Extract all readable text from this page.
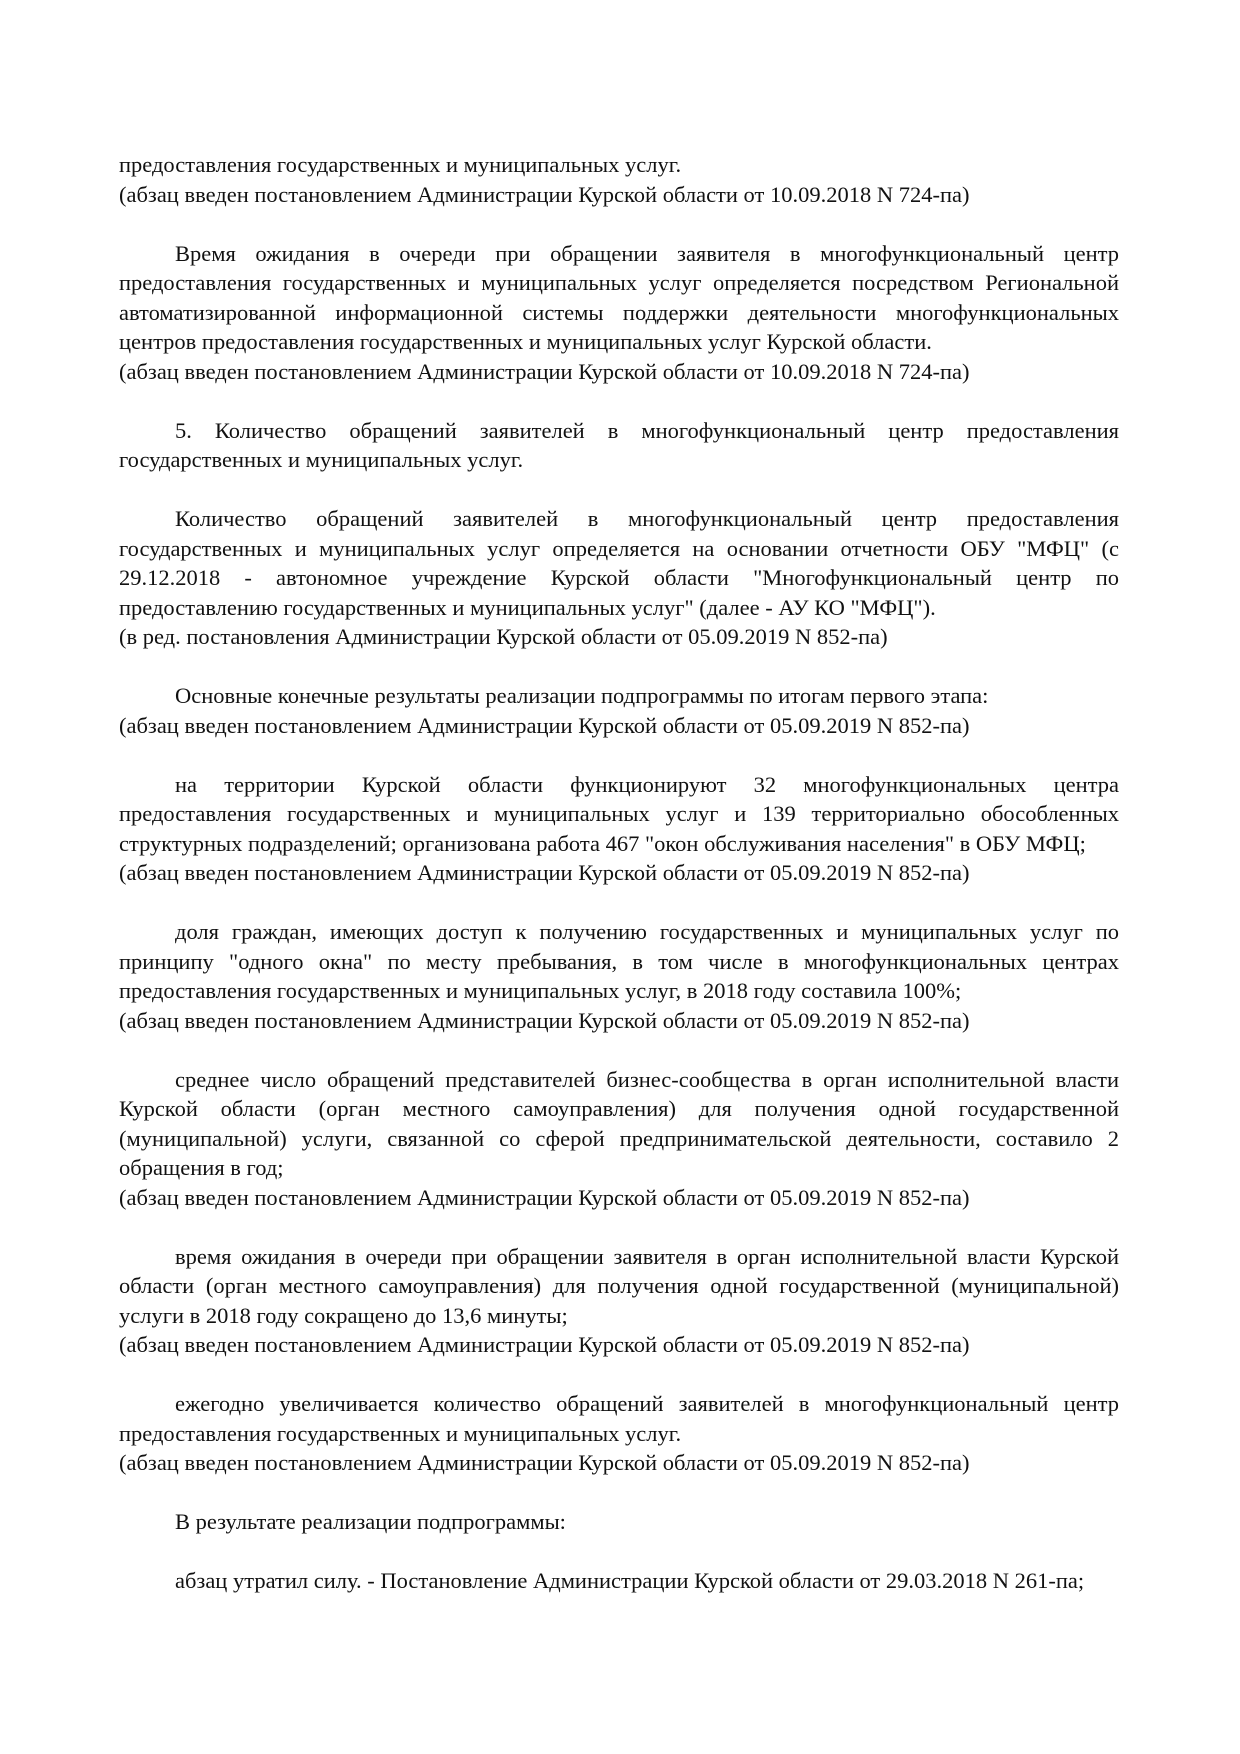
предоставления государственных и муниципальных услуг.

(абзац введен постановлением Администрации Курской области от 10.09.2018 N 724-па)

Время ожидания в очереди при обращении заявителя в многофункциональный центр предоставления государственных и муниципальных услуг определяется посредством Региональной автоматизированной информационной системы поддержки деятельности многофункциональных центров предоставления государственных и муниципальных услуг Курской области.

(абзац введен постановлением Администрации Курской области от 10.09.2018 N 724-па)

5. Количество обращений заявителей в многофункциональный центр предоставления государственных и муниципальных услуг.

Количество обращений заявителей в многофункциональный центр предоставления государственных и муниципальных услуг определяется на основании отчетности ОБУ "МФЦ" (с 29.12.2018 - автономное учреждение Курской области "Многофункциональный центр по предоставлению государственных и муниципальных услуг" (далее - АУ КО "МФЦ").

(в ред. постановления Администрации Курской области от 05.09.2019 N 852-па)

Основные конечные результаты реализации подпрограммы по итогам первого этапа:

(абзац введен постановлением Администрации Курской области от 05.09.2019 N 852-па)

на территории Курской области функционируют 32 многофункциональных центра предоставления государственных и муниципальных услуг и 139 территориально обособленных структурных подразделений; организована работа 467 "окон обслуживания населения" в ОБУ МФЦ;

(абзац введен постановлением Администрации Курской области от 05.09.2019 N 852-па)

доля граждан, имеющих доступ к получению государственных и муниципальных услуг по принципу "одного окна" по месту пребывания, в том числе в многофункциональных центрах предоставления государственных и муниципальных услуг, в 2018 году составила 100%;

(абзац введен постановлением Администрации Курской области от 05.09.2019 N 852-па)

среднее число обращений представителей бизнес-сообщества в орган исполнительной власти Курской области (орган местного самоуправления) для получения одной государственной (муниципальной) услуги, связанной со сферой предпринимательской деятельности, составило 2 обращения в год;

(абзац введен постановлением Администрации Курской области от 05.09.2019 N 852-па)

время ожидания в очереди при обращении заявителя в орган исполнительной власти Курской области (орган местного самоуправления) для получения одной государственной (муниципальной) услуги в 2018 году сокращено до 13,6 минуты;

(абзац введен постановлением Администрации Курской области от 05.09.2019 N 852-па)

ежегодно увеличивается количество обращений заявителей в многофункциональный центр предоставления государственных и муниципальных услуг.

(абзац введен постановлением Администрации Курской области от 05.09.2019 N 852-па)

В результате реализации подпрограммы:

абзац утратил силу. - Постановление Администрации Курской области от 29.03.2018 N 261-па;
